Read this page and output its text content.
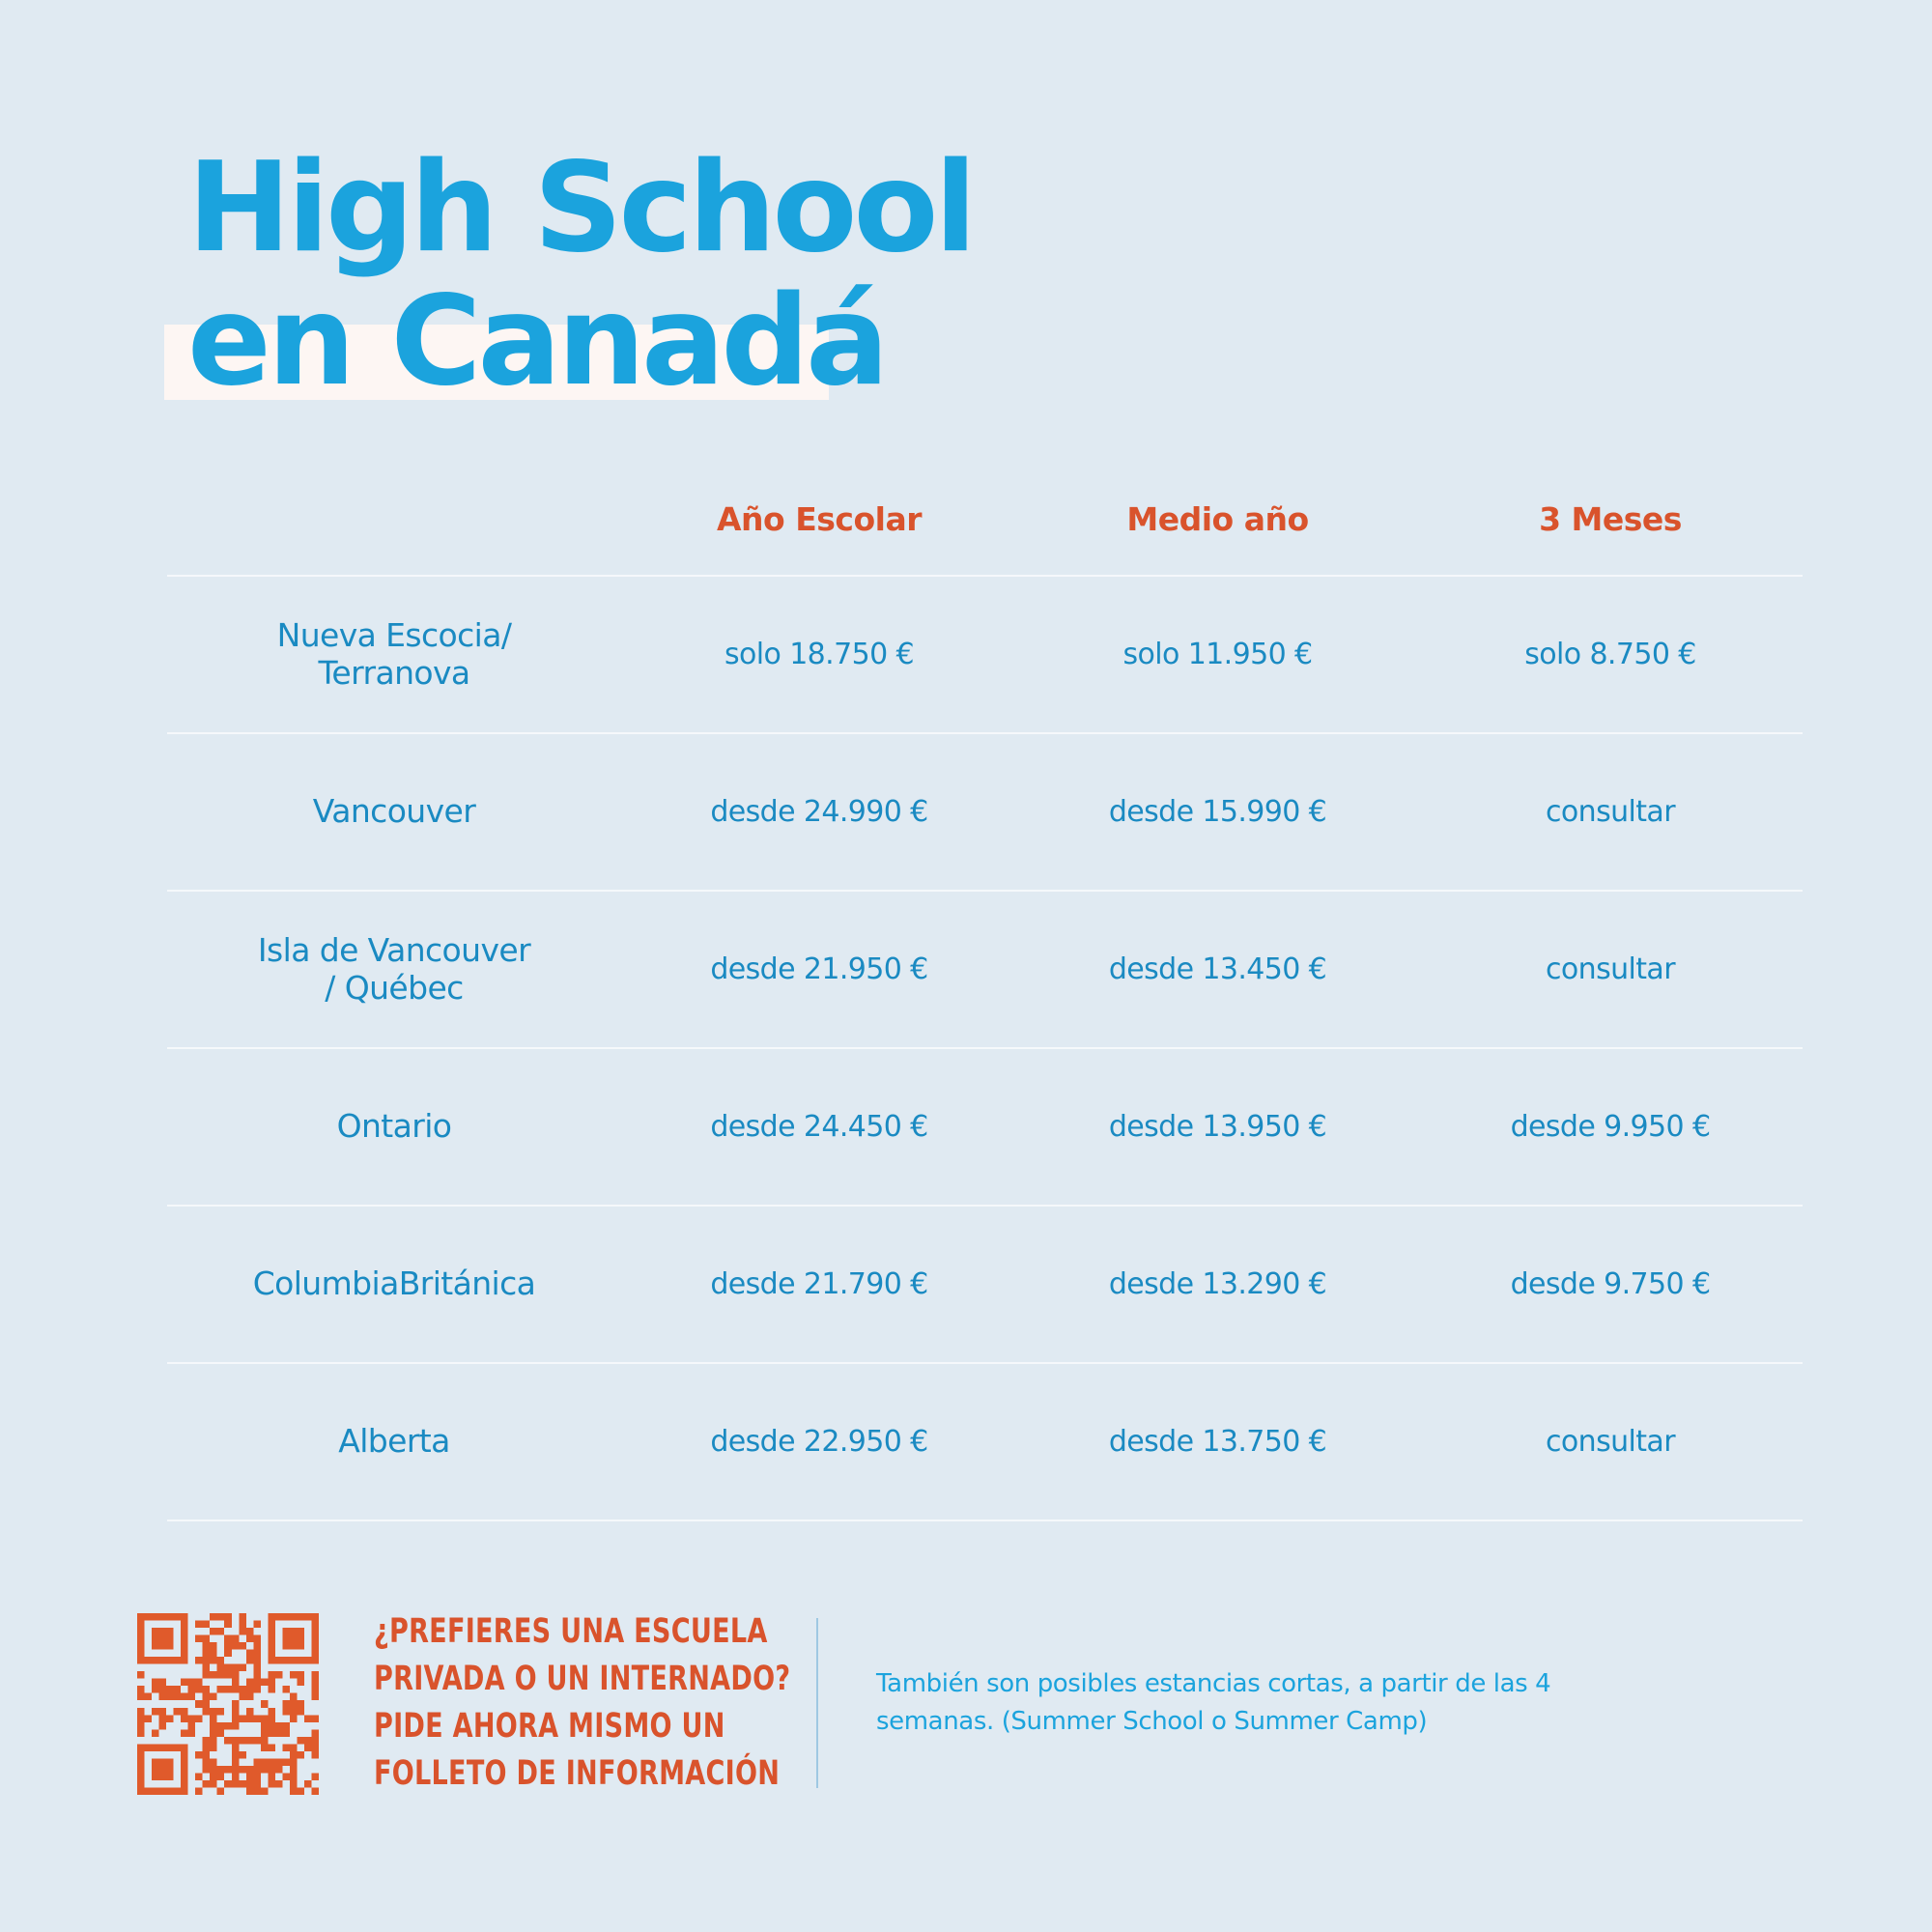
High School
en Canadá
Año Escolar	Medio año	3 Meses
Nueva Escocia/
Terranova	solo 18.750 €	solo 11.950 €	solo 8.750 €
Vancouver	desde 24.990 €	desde 15.990 €	consultar
Isla de Vancouver
/ Québec	desde 21.950 €	desde 13.450 €	consultar
Ontario	desde 24.450 €	desde 13.950 €	desde 9.950 €
ColumbiaBritánica	desde 21.790 €	desde 13.290 €	desde 9.750 €
Alberta	desde 22.950 €	desde 13.750 €	consultar
¿PREFIERES UNA ESCUELA
PRIVADA O UN INTERNADO?
PIDE AHORA MISMO UN
FOLLETO DE INFORMACIÓN

También son posibles estancias cortas, a partir de las 4 semanas. (Summer School o Summer Camp)
